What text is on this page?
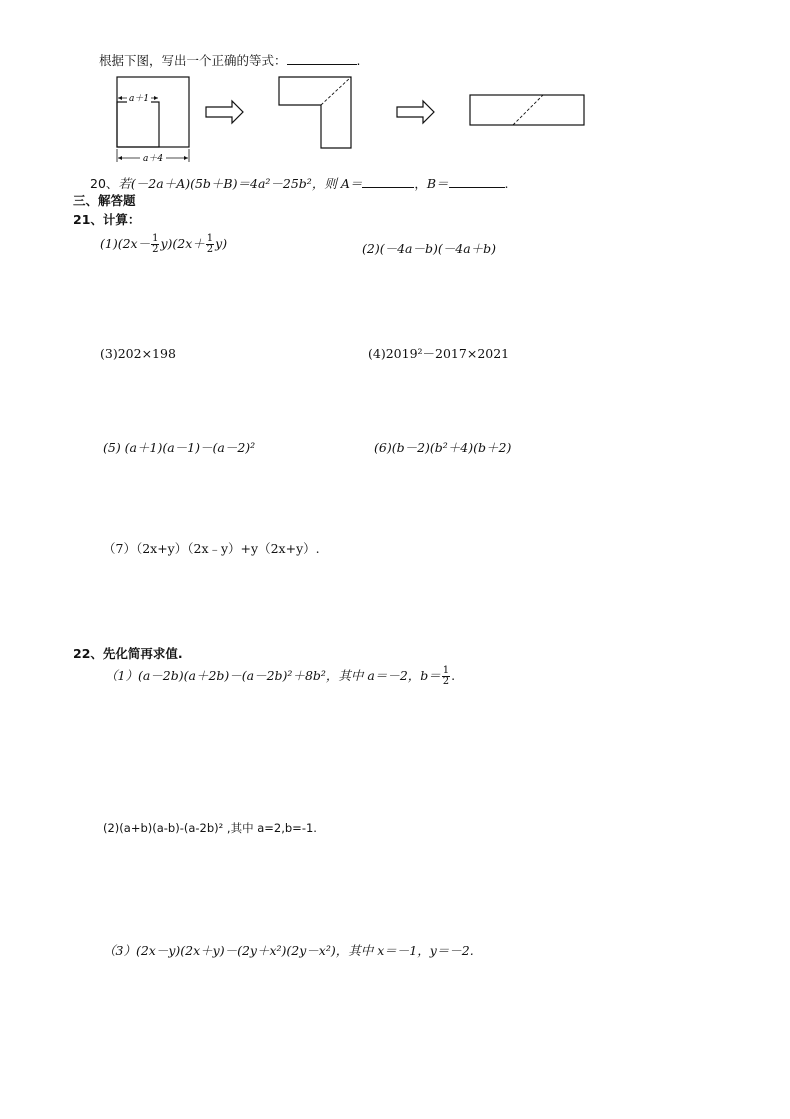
根据下图，写出一个正确的等式：	.
a＋1
a＋4
20、若(－2a＋A)(5b＋B)＝4a²－25b²，则 A＝	，B＝	.
三、解答题
21、计算：
$(1)(2x- \frac{1}{2} y)(2x+ \frac{1}{2} y)$	(2)(－4a－b)(－4a＋b)
(3)202×198	(4)2019²－2017×2021
(5) (a＋1)(a－1)－(a－2)²	(6)(b－2)(b²＋4)(b＋2)
（7）（2x+y）（2x﹣y）+y（2x+y）.
22、先化简再求值.
（1）(a－2b)(a＋2b)－(a－2b)²＋8b²，其中 a＝－2，$b= \frac{1}{2}$ .
(2)(a+b)(a-b)-(a-2b)² ,其中 a=2,b=-1.
（3）(2x－y)(2x＋y)－(2y＋x²)(2y－x²)，其中 x＝－1，y＝－2.
